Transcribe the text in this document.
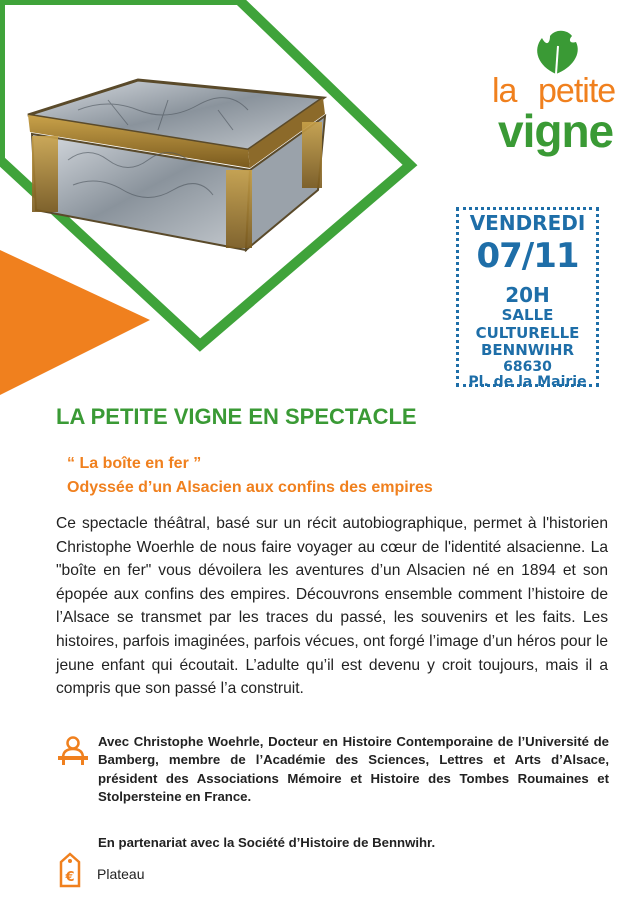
la petite
vigne
VENDREDI
07/11
20H
SALLE
CULTURELLE
BENNWIHR
68630
Pl. de la Mairie
LA PETITE VIGNE EN SPECTACLE
“ La boîte en fer ”
Odyssée d’un Alsacien aux confins des empires
Ce spectacle théâtral, basé sur un récit autobiographique, permet à l'historien Christophe Woerhle de nous faire voyager au cœur de l'identité alsacienne. La "boîte en fer" vous dévoilera les aventures d’un Alsacien né en 1894 et son épopée aux confins des empires. Découvrons ensemble comment l’histoire de l’Alsace se transmet par les traces du passé, les souvenirs et les faits. Les histoires, parfois imaginées, parfois vécues, ont forgé l’image d’un héros pour le jeune enfant qui écoutait. L’adulte qu’il est devenu y croit toujours, mais il a compris que son passé l’a construit.
Avec Christophe Woehrle, Docteur en Histoire Contemporaine de l’Université de Bamberg, membre de l’Académie des Sciences, Lettres et Arts d’Alsace, président des Associations Mémoire et Histoire des Tombes Roumaines et Stolpersteine en France.
En partenariat avec la Société d’Histoire de Bennwihr.
€ Plateau
